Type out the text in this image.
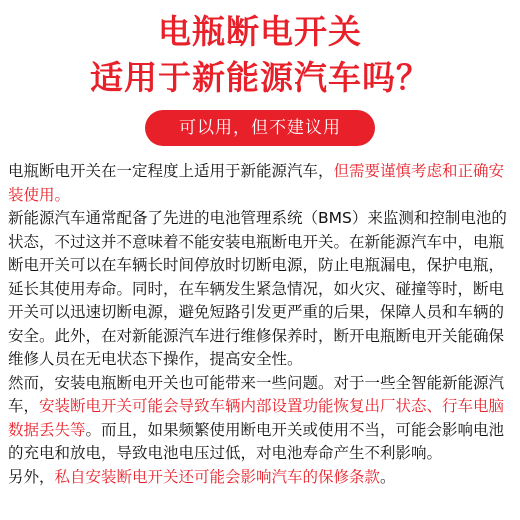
电瓶断电开关
适用于新能源汽车吗？
可以用，但不建议用

电瓶断电开关在一定程度上适用于新能源汽车，但需要谨慎考虑和正确安装使用。

新能源汽车通常配备了先进的电池管理系统（BMS）来监测和控制电池的状态，不过这并不意味着不能安装电瓶断电开关。在新能源汽车中，电瓶断电开关可以在车辆长时间停放时切断电源，防止电瓶漏电，保护电瓶，延长其使用寿命。同时，在车辆发生紧急情况，如火灾、碰撞等时，断电开关可以迅速切断电源，避免短路引发更严重的后果，保障人员和车辆的安全。此外，在对新能源汽车进行维修保养时，断开电瓶断电开关能确保维修人员在无电状态下操作，提高安全性。

然而，安装电瓶断电开关也可能带来一些问题。对于一些全智能新能源汽车，安装断电开关可能会导致车辆内部设置功能恢复出厂状态、行车电脑数据丢失等。而且，如果频繁使用断电开关或使用不当，可能会影响电池的充电和放电，导致电池电压过低，对电池寿命产生不利影响。

另外，私自安装断电开关还可能会影响汽车的保修条款。
